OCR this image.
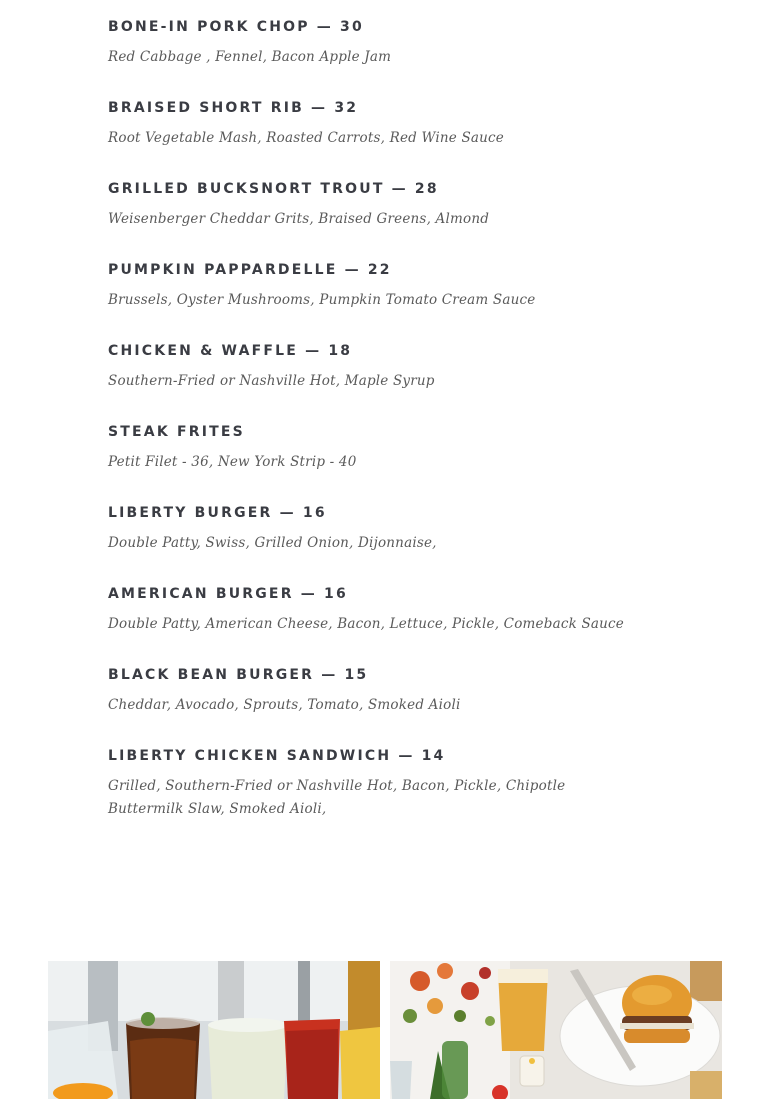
BONE-IN PORK CHOP — 30
Red Cabbage , Fennel, Bacon Apple Jam
BRAISED SHORT RIB — 32
Root Vegetable Mash, Roasted Carrots, Red Wine Sauce
GRILLED BUCKSNORT TROUT — 28
Weisenberger Cheddar Grits, Braised Greens, Almond
PUMPKIN PAPPARDELLE — 22
Brussels, Oyster Mushrooms, Pumpkin Tomato Cream Sauce
CHICKEN & WAFFLE — 18
Southern-Fried or Nashville Hot, Maple Syrup
STEAK FRITES
Petit Filet - 36, New York Strip - 40
LIBERTY BURGER — 16
Double Patty, Swiss, Grilled Onion, Dijonnaise,
AMERICAN BURGER — 16
Double Patty, American Cheese, Bacon, Lettuce, Pickle, Comeback Sauce
BLACK BEAN BURGER — 15
Cheddar, Avocado, Sprouts, Tomato, Smoked Aioli
LIBERTY CHICKEN SANDWICH — 14
Grilled, Southern-Fried or Nashville Hot, Bacon, Pickle, Chipotle Buttermilk Slaw, Smoked Aioli,
